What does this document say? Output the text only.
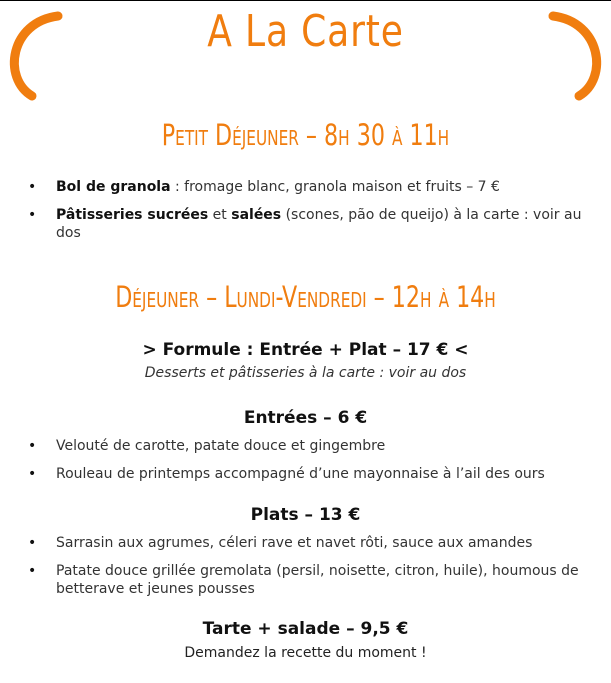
A La Carte
Petit Déjeuner – 8h 30 à 11h
• Bol de granola : fromage blanc, granola maison et fruits – 7 €
• Pâtisseries sucrées et salées (scones, pão de queijo) à la carte : voir au dos
Déjeuner – Lundi-Vendredi – 12h à 14h
> Formule : Entrée + Plat – 17 € <
Desserts et pâtisseries à la carte : voir au dos
Entrées – 6 €
• Velouté de carotte, patate douce et gingembre
• Rouleau de printemps accompagné d’une mayonnaise à l’ail des ours
Plats – 13 €
• Sarrasin aux agrumes, céleri rave et navet rôti, sauce aux amandes
• Patate douce grillée gremolata (persil, noisette, citron, huile), houmous de betterave et jeunes pousses
Tarte + salade – 9,5 €
Demandez la recette du moment !
